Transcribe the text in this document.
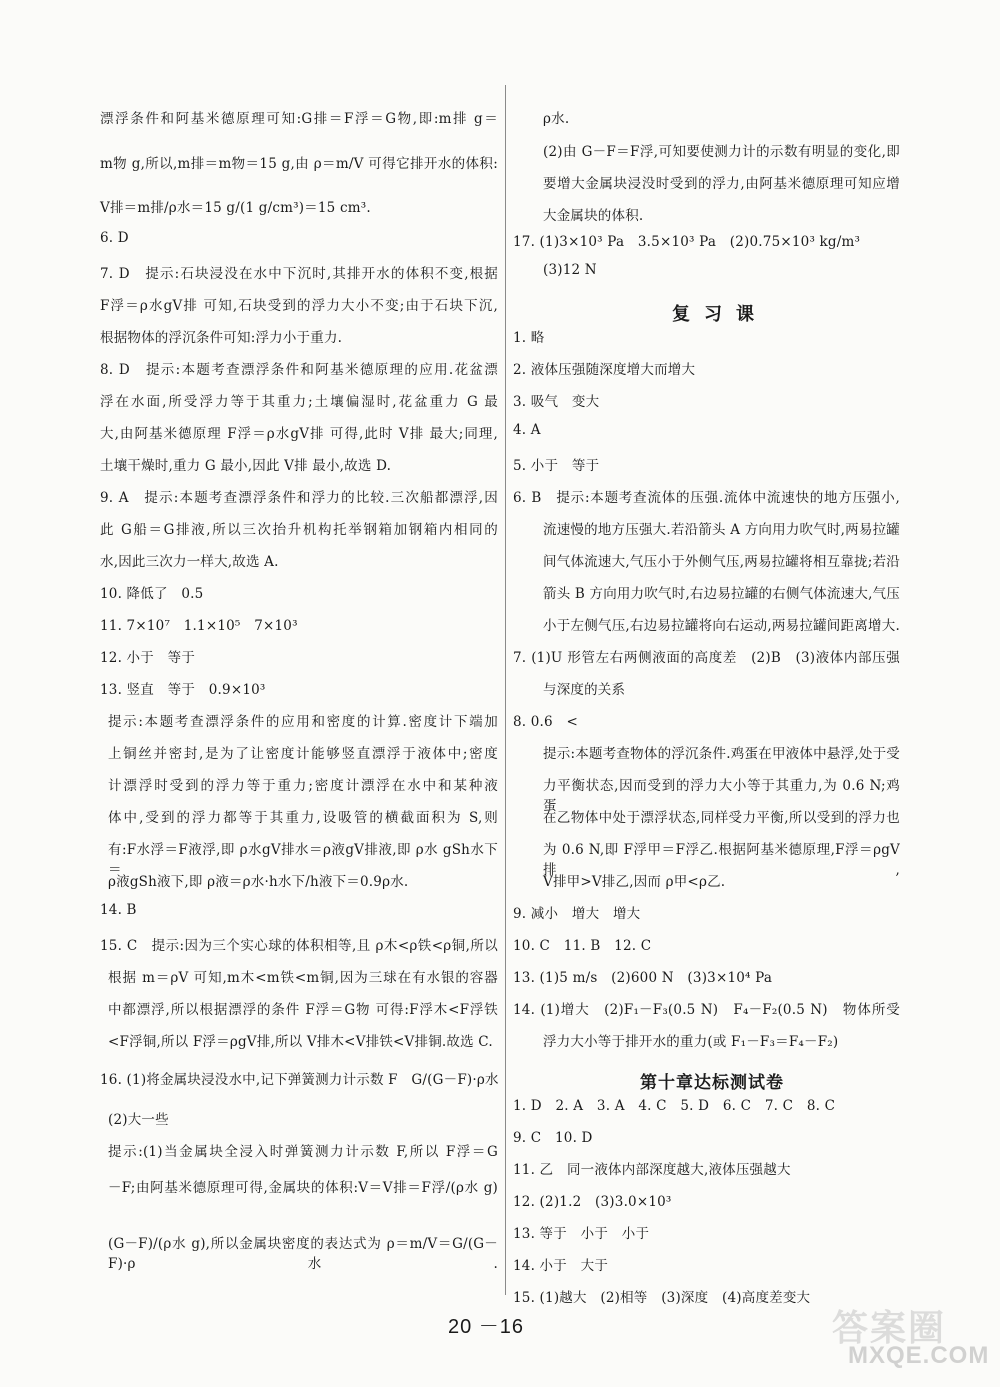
漂浮条件和阿基米德原理可知:G排＝F浮＝G物,即:m排 g＝
m物 g,所以,m排＝m物＝15 g,由 ρ＝m/V 可得它排开水的体积:
V排＝m排/ρ水＝15 g/(1 g/cm³)＝15 cm³.
6. D
7. D　提示:石块浸没在水中下沉时,其排开水的体积不变,根据
F浮＝ρ水gV排 可知,石块受到的浮力大小不变;由于石块下沉,
根据物体的浮沉条件可知:浮力小于重力.
8. D　提示:本题考查漂浮条件和阿基米德原理的应用.花盆漂
浮在水面,所受浮力等于其重力;土壤偏湿时,花盆重力 G 最
大,由阿基米德原理 F浮＝ρ水gV排 可得,此时 V排 最大;同理,
土壤干燥时,重力 G 最小,因此 V排 最小,故选 D.
9. A　提示:本题考查漂浮条件和浮力的比较.三次船都漂浮,因
此 G船＝G排液,所以三次抬升机构托举钢箱加钢箱内相同的
水,因此三次力一样大,故选 A.
10. 降低了　0.5
11. 7×10⁷　1.1×10⁵　7×10³
12. 小于　等于
13. 竖直　等于　0.9×10³
提示:本题考查漂浮条件的应用和密度的计算.密度计下端加
上铜丝并密封,是为了让密度计能够竖直漂浮于液体中;密度
计漂浮时受到的浮力等于重力;密度计漂浮在水中和某种液
体中,受到的浮力都等于其重力,设吸管的横截面积为 S,则
有:F水浮＝F液浮,即 ρ水gV排水＝ρ液gV排液,即 ρ水 gSh水下＝
ρ液gSh液下,即 ρ液＝ρ水·h水下/h液下＝0.9ρ水.
14. B
15. C　提示:因为三个实心球的体积相等,且 ρ木<ρ铁<ρ铜,所以
根据 m＝ρV 可知,m木<m铁<m铜,因为三球在有水银的容器
中都漂浮,所以根据漂浮的条件 F浮＝G物 可得:F浮木<F浮铁
<F浮铜,所以 F浮＝ρgV排,所以 V排木<V排铁<V排铜.故选 C.
16. (1)将金属块浸没水中,记下弹簧测力计示数 F　G/(G－F)·ρ水
(2)大一些
提示:(1)当金属块全浸入时弹簧测力计示数 F,所以 F浮＝G
－F;由阿基米德原理可得,金属块的体积:V＝V排＝F浮/(ρ水 g)
(G－F)/(ρ水 g),所以金属块密度的表达式为 ρ＝m/V＝G/(G－F)·ρ水.
ρ水.
(2)由 G－F＝F浮,可知要使测力计的示数有明显的变化,即
要增大金属块浸没时受到的浮力,由阿基米德原理可知应增
大金属块的体积.
17. (1)3×10³ Pa　3.5×10³ Pa　(2)0.75×10³ kg/m³
(3)12 N
1. 略
2. 液体压强随深度增大而增大
3. 吸气　变大
4. A
5. 小于　等于
6. B　提示:本题考查流体的压强.流体中流速快的地方压强小,
流速慢的地方压强大.若沿箭头 A 方向用力吹气时,两易拉罐
间气体流速大,气压小于外侧气压,两易拉罐将相互靠拢;若沿
箭头 B 方向用力吹气时,右边易拉罐的右侧气体流速大,气压
小于左侧气压,右边易拉罐将向右运动,两易拉罐间距离增大.
7. (1)U 形管左右两侧液面的高度差　(2)B　(3)液体内部压强
与深度的关系
8. 0.6　<
提示:本题考查物体的浮沉条件.鸡蛋在甲液体中悬浮,处于受
力平衡状态,因而受到的浮力大小等于其重力,为 0.6 N;鸡蛋
在乙物体中处于漂浮状态,同样受力平衡,所以受到的浮力也
为 0.6 N,即 F浮甲＝F浮乙.根据阿基米德原理,F浮＝ρgV排,
V排甲>V排乙,因而 ρ甲<ρ乙.
9. 减小　增大　增大
10. C　11. B　12. C
13. (1)5 m/s　(2)600 N　(3)3×10⁴ Pa
14. (1)增大　(2)F₁－F₃(0.5 N)　F₄－F₂(0.5 N)　物体所受
浮力大小等于排开水的重力(或 F₁－F₃＝F₄－F₂)
1. D　2. A　3. A　4. C　5. D　6. C　7. C　8. C
9. C　10. D
11. 乙　同一液体内部深度越大,液体压强越大
12. (2)1.2　(3)3.0×10³
13. 等于　小于　小于
14. 小于　大于
15. (1)越大　(2)相等　(3)深度　(4)高度差变大
复习课
第十章达标测试卷
20 －16	答案圈
MXQE.COM
